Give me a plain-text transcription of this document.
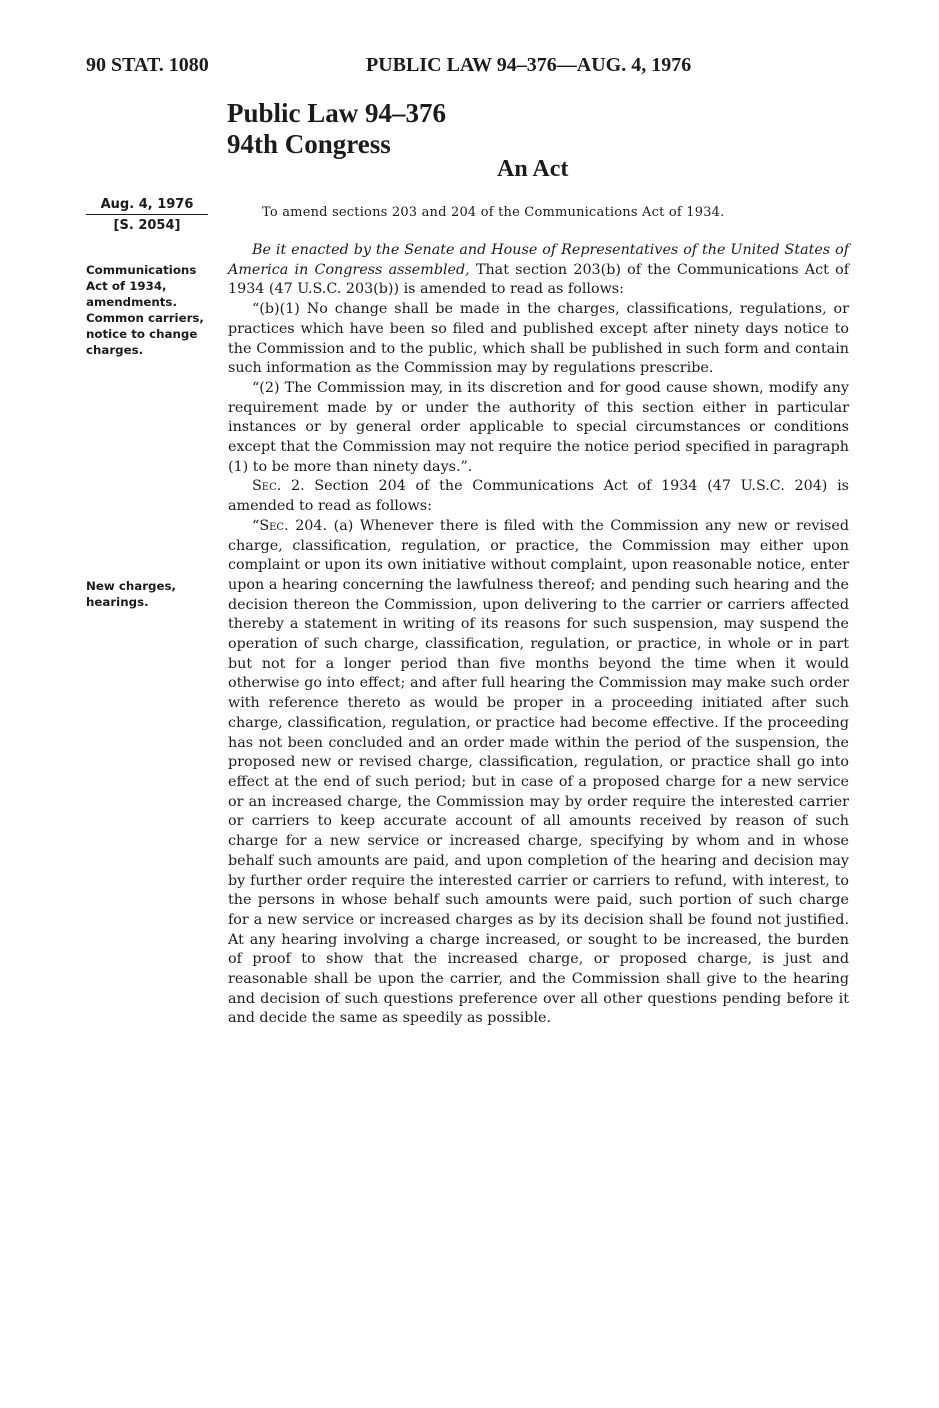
90 STAT. 1080	PUBLIC LAW 94–376—AUG. 4, 1976
Public Law 94–376
94th Congress
An Act
Aug. 4, 1976
[S. 2054]
To amend sections 203 and 204 of the Communications Act of 1934.
Communications
Act of 1934,
amendments.
Common carriers,
notice to change
charges.
New charges,
hearings.

Be it enacted by the Senate and House of Representatives of the United States of America in Congress assembled, That section 203(b) of the Communications Act of 1934 (47 U.S.C. 203(b)) is amended to read as follows:

“(b)(1) No change shall be made in the charges, classifications, regulations, or practices which have been so filed and published except after ninety days notice to the Commission and to the public, which shall be published in such form and contain such information as the Commission may by regulations prescribe.

“(2) The Commission may, in its discretion and for good cause shown, modify any requirement made by or under the authority of this section either in particular instances or by general order applicable to special circumstances or conditions except that the Commission may not require the notice period specified in paragraph (1) to be more than ninety days.”.

Sec. 2. Section 204 of the Communications Act of 1934 (47 U.S.C. 204) is amended to read as follows:

“Sec. 204. (a) Whenever there is filed with the Commission any new or revised charge, classification, regulation, or practice, the Commission may either upon complaint or upon its own initiative without complaint, upon reasonable notice, enter upon a hearing concerning the lawfulness thereof; and pending such hearing and the decision thereon the Commission, upon delivering to the carrier or carriers affected thereby a statement in writing of its reasons for such suspension, may suspend the operation of such charge, classification, regulation, or practice, in whole or in part but not for a longer period than five months beyond the time when it would otherwise go into effect; and after full hearing the Commission may make such order with reference thereto as would be proper in a proceeding initiated after such charge, classification, regulation, or practice had become effective. If the proceeding has not been concluded and an order made within the period of the suspension, the proposed new or revised charge, classification, regulation, or practice shall go into effect at the end of such period; but in case of a proposed charge for a new service or an increased charge, the Commission may by order require the interested carrier or carriers to keep accurate account of all amounts received by reason of such charge for a new service or increased charge, specifying by whom and in whose behalf such amounts are paid, and upon completion of the hearing and decision may by further order require the interested carrier or carriers to refund, with interest, to the persons in whose behalf such amounts were paid, such portion of such charge for a new service or increased charges as by its decision shall be found not justified. At any hearing involving a charge increased, or sought to be increased, the burden of proof to show that the increased charge, or proposed charge, is just and reasonable shall be upon the carrier, and the Commission shall give to the hearing and decision of such questions preference over all other questions pending before it and decide the same as speedily as possible.
